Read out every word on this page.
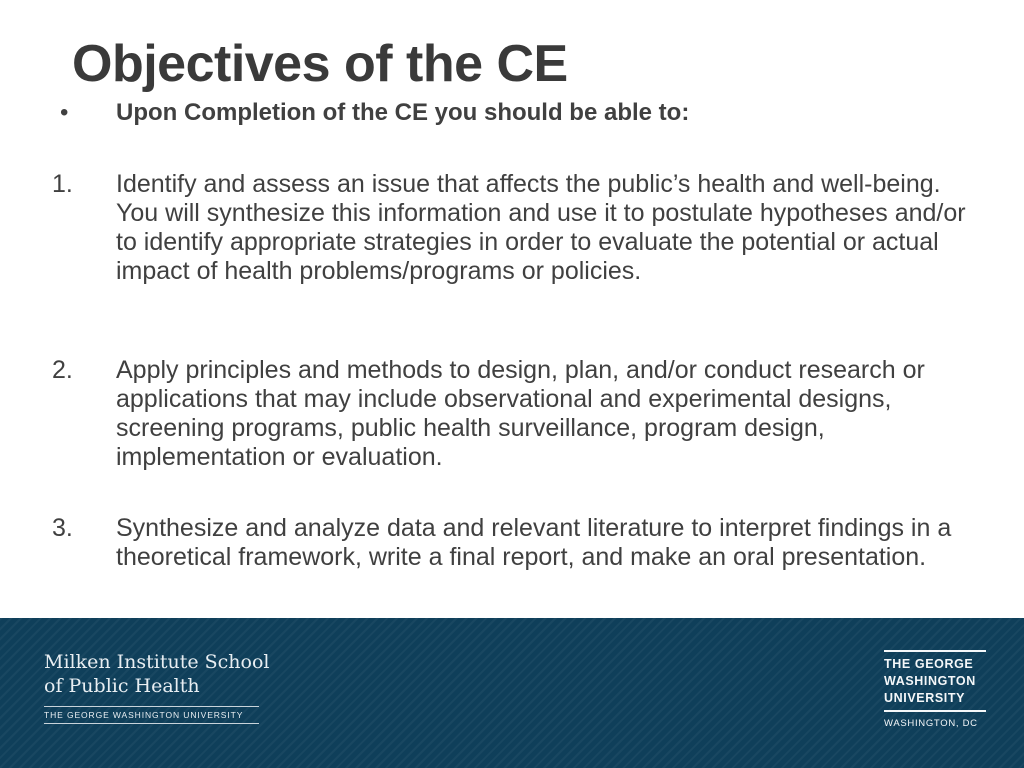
Objectives of the CE
• Upon Completion of the CE you should be able to:
1. Identify and assess an issue that affects the public’s health and well-being. You will synthesize this information and use it to postulate hypotheses and/or to identify appropriate strategies in order to evaluate the potential or actual impact of health problems/programs or policies.
2. Apply principles and methods to design, plan, and/or conduct research or applications that may include observational and experimental designs, screening programs, public health surveillance, program design, implementation or evaluation.
3. Synthesize and analyze data and relevant literature to interpret findings in a theoretical framework, write a final report, and make an oral presentation.
Milken Institute School
of Public Health
THE GEORGE WASHINGTON UNIVERSITY
THE GEORGE
WASHINGTON
UNIVERSITY
WASHINGTON, DC
